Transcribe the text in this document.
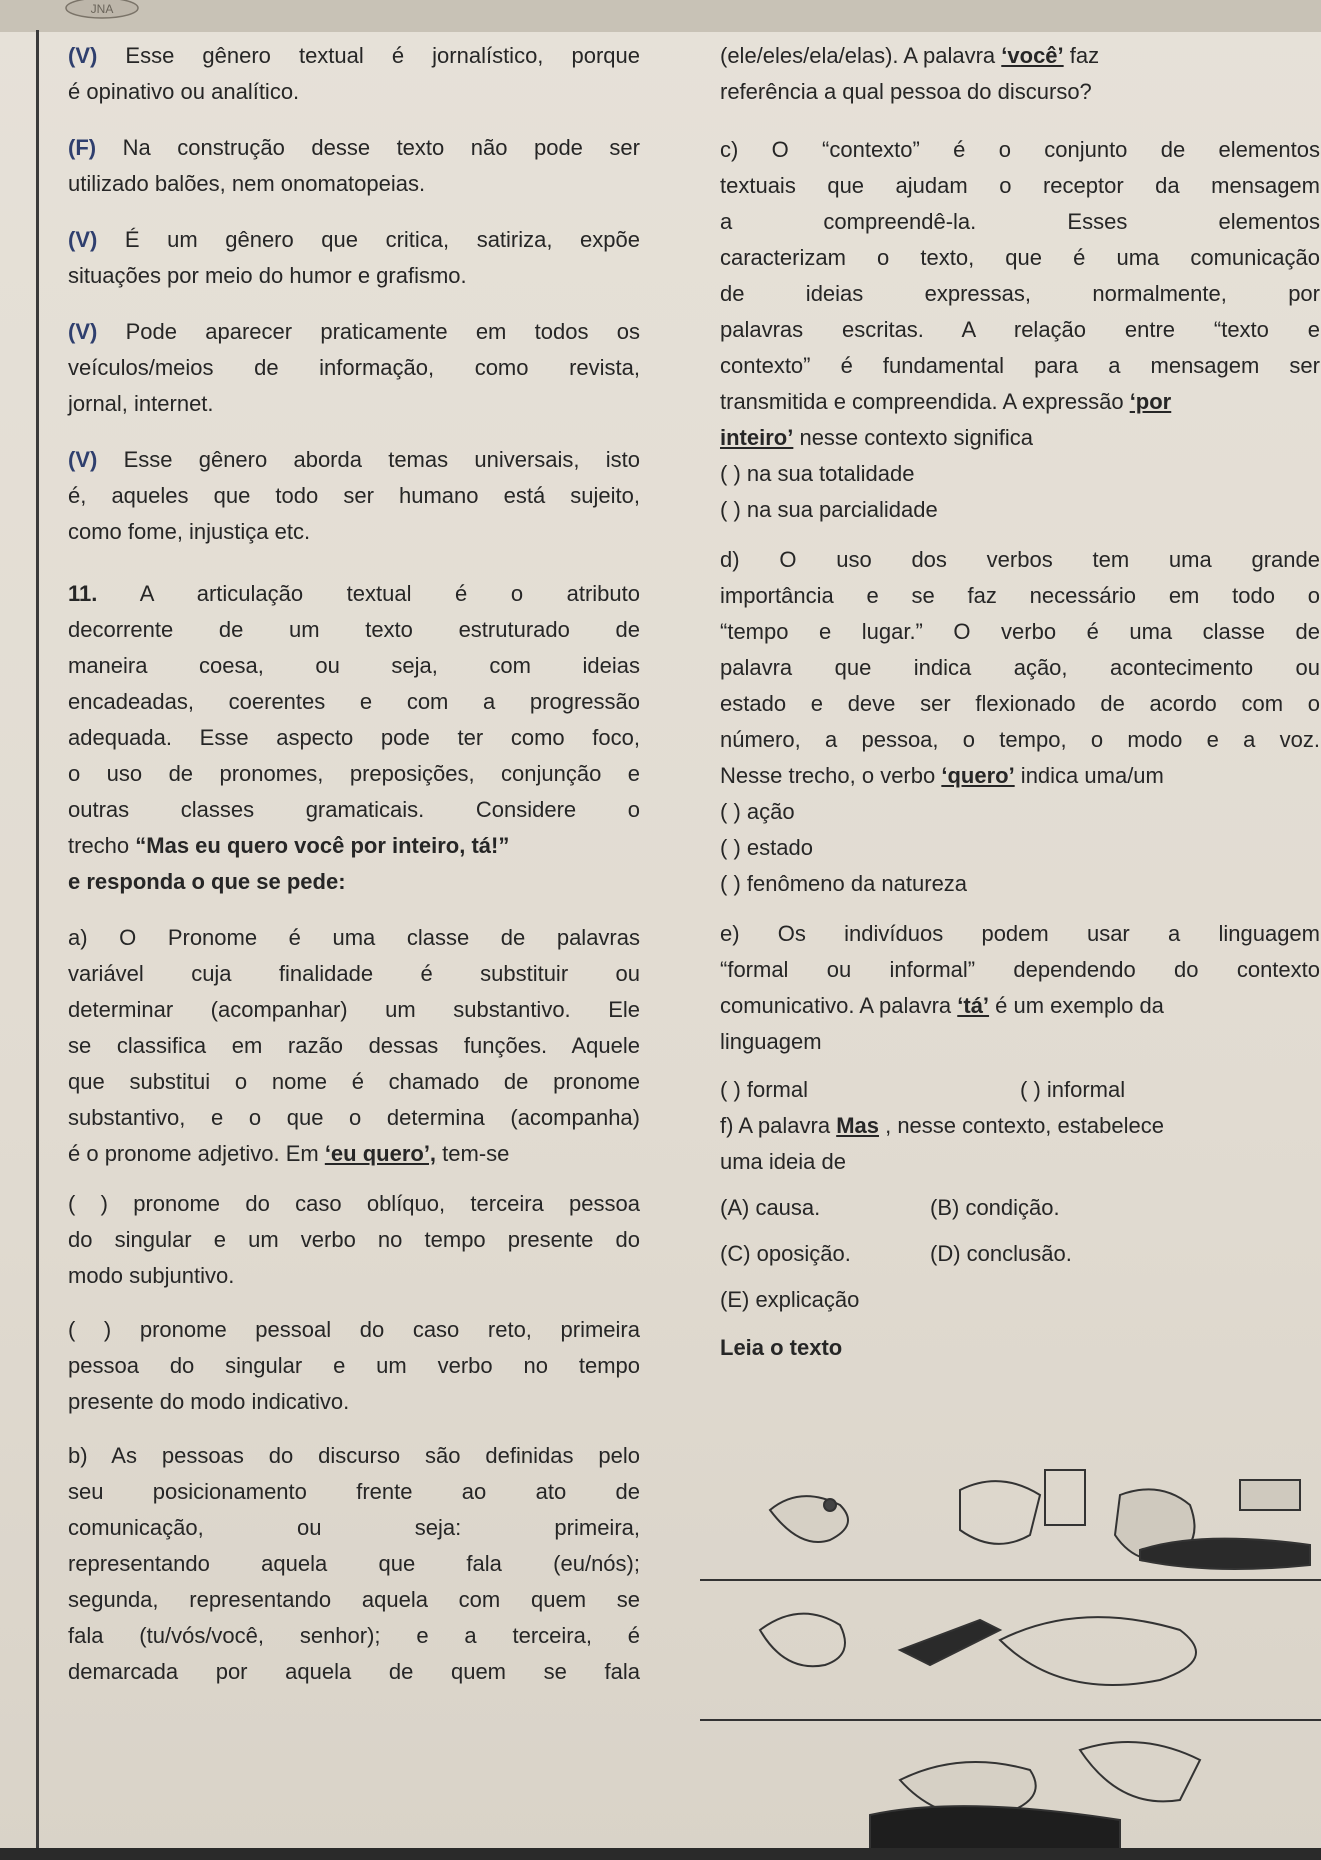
JNA

(V) Esse gênero textual é jornalístico, porque

é opinativo ou analítico.

(F) Na construção desse texto não pode ser

utilizado balões, nem onomatopeias.

(V) É um gênero que critica, satiriza, expõe

situações por meio do humor e grafismo.

(V) Pode aparecer praticamente em todos os

veículos/meios de informação, como revista,

jornal, internet.

(V) Esse gênero aborda temas universais, isto

é, aqueles que todo ser humano está sujeito,

como fome, injustiça etc.

11. A articulação textual é o atributo

decorrente de um texto estruturado de

maneira coesa, ou seja, com ideias

encadeadas, coerentes e com a progressão

adequada. Esse aspecto pode ter como foco,

o uso de pronomes, preposições, conjunção e

outras classes gramaticais. Considere o

trecho “Mas eu quero você por inteiro, tá!”

e responda o que se pede:

a) O Pronome é uma classe de palavras

variável cuja finalidade é substituir ou

determinar (acompanhar) um substantivo. Ele

se classifica em razão dessas funções. Aquele

que substitui o nome é chamado de pronome

substantivo, e o que o determina (acompanha)

é o pronome adjetivo. Em ‘eu quero’, tem-se

( ) pronome do caso oblíquo, terceira pessoa

do singular e um verbo no tempo presente do

modo subjuntivo.

( ) pronome pessoal do caso reto, primeira

pessoa do singular e um verbo no tempo

presente do modo indicativo.

b) As pessoas do discurso são definidas pelo

seu posicionamento frente ao ato de

comunicação, ou seja: primeira,

representando aquela que fala (eu/nós);

segunda, representando aquela com quem se

fala (tu/vós/você, senhor); e a terceira, é

demarcada por aquela de quem se fala

(ele/eles/ela/elas). A palavra ‘você’ faz

referência a qual pessoa do discurso?

c) O “contexto” é o conjunto de elementos

textuais que ajudam o receptor da mensagem

a compreendê-la. Esses elementos

caracterizam o texto, que é uma comunicação

de ideias expressas, normalmente, por

palavras escritas. A relação entre “texto e

contexto” é fundamental para a mensagem ser

transmitida e compreendida. A expressão ‘por

inteiro’ nesse contexto significa

( ) na sua totalidade

( ) na sua parcialidade

d) O uso dos verbos tem uma grande

importância e se faz necessário em todo o

“tempo e lugar.” O verbo é uma classe de

palavra que indica ação, acontecimento ou

estado e deve ser flexionado de acordo com o

número, a pessoa, o tempo, o modo e a voz.

Nesse trecho, o verbo ‘quero’ indica uma/um

( ) ação

( ) estado

( ) fenômeno da natureza

e) Os indivíduos podem usar a linguagem

“formal ou informal” dependendo do contexto

comunicativo. A palavra ‘tá’ é um exemplo da

linguagem

( ) formal	( ) informal

f) A palavra Mas , nesse contexto, estabelece

uma ideia de

(A) causa.	(B) condição.

(C) oposição.	(D) conclusão.

(E) explicação

Leia o texto
